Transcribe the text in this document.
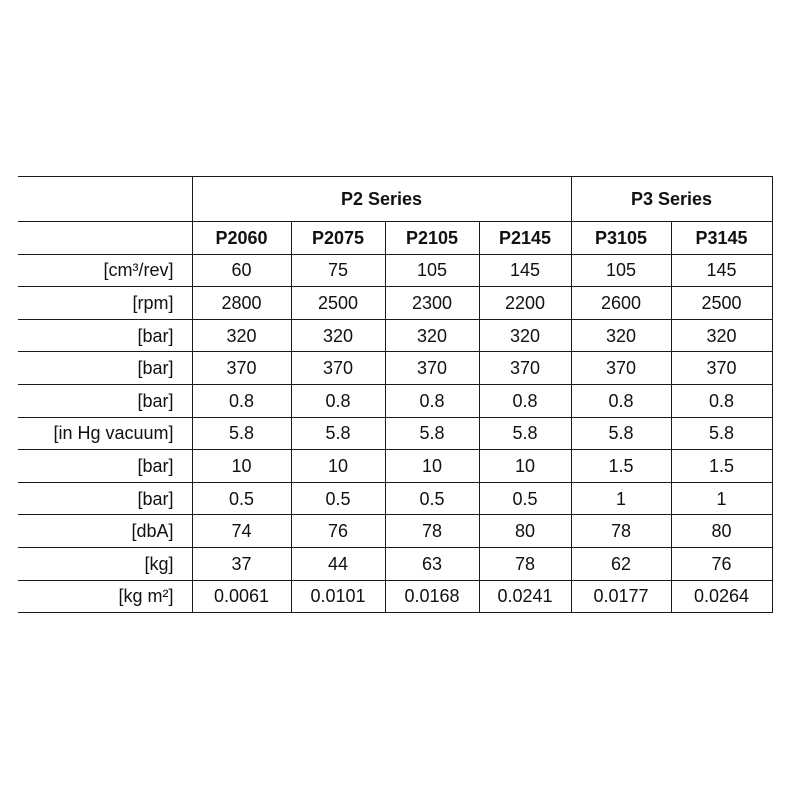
	P2 Series				P3 Series	
	P2060	P2075	P2105	P2145	P3105	P3145
[cm³/rev]	60	75	105	145	105	145
[rpm]	2800	2500	2300	2200	2600	2500
[bar]	320	320	320	320	320	320
[bar]	370	370	370	370	370	370
[bar]	0.8	0.8	0.8	0.8	0.8	0.8
[in Hg vacuum]	5.8	5.8	5.8	5.8	5.8	5.8
[bar]	10	10	10	10	1.5	1.5
[bar]	0.5	0.5	0.5	0.5	1	1
[dbA]	74	76	78	80	78	80
[kg]	37	44	63	78	62	76
[kg m²]	0.0061	0.0101	0.0168	0.0241	0.0177	0.0264
